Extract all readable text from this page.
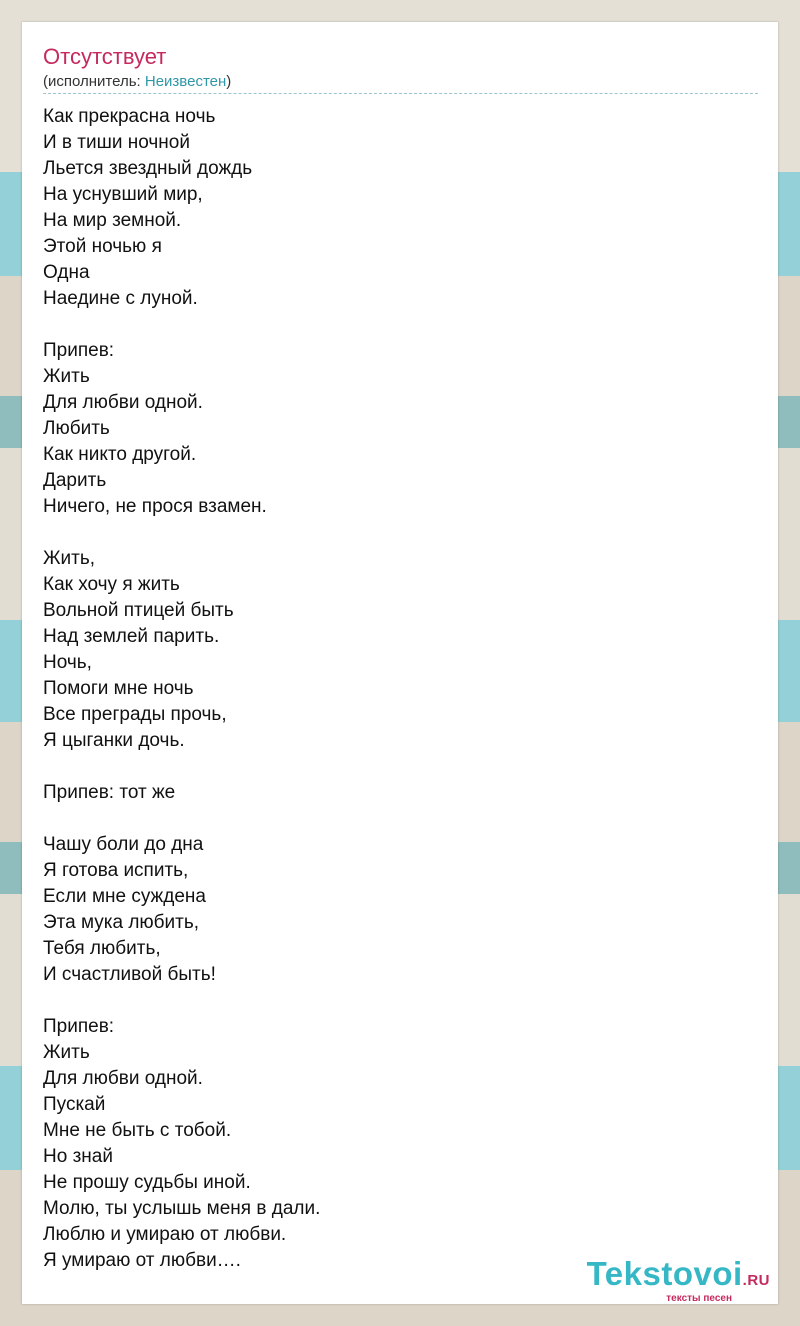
Отсутствует
(исполнитель: Неизвестен)
Как прекрасна ночь
И в тиши ночной
Льется звездный дождь
На уснувший мир,
На мир земной.
Этой ночью я
Одна
Наедине с луной.
Припев:
Жить
Для любви одной.
Любить
Как никто другой.
Дарить
Ничего, не прося взамен.
Жить,
Как хочу я жить
Вольной птицей быть
Над землей парить.
Ночь,
Помоги мне ночь
Все преграды прочь,
Я цыганки дочь.
Припев: тот же
Чашу боли до дна
Я готова испить,
Если мне суждена
Эта мука любить,
Тебя любить,
И счастливой быть!
Припев:
Жить
Для любви одной.
Пускай
Мне не быть с тобой.
Но знай
Не прошу судьбы иной.
Молю, ты услышь меня в дали.
Люблю и умираю от любви.
Я умираю от любви….	Tekstovoi.RU
тексты песен
